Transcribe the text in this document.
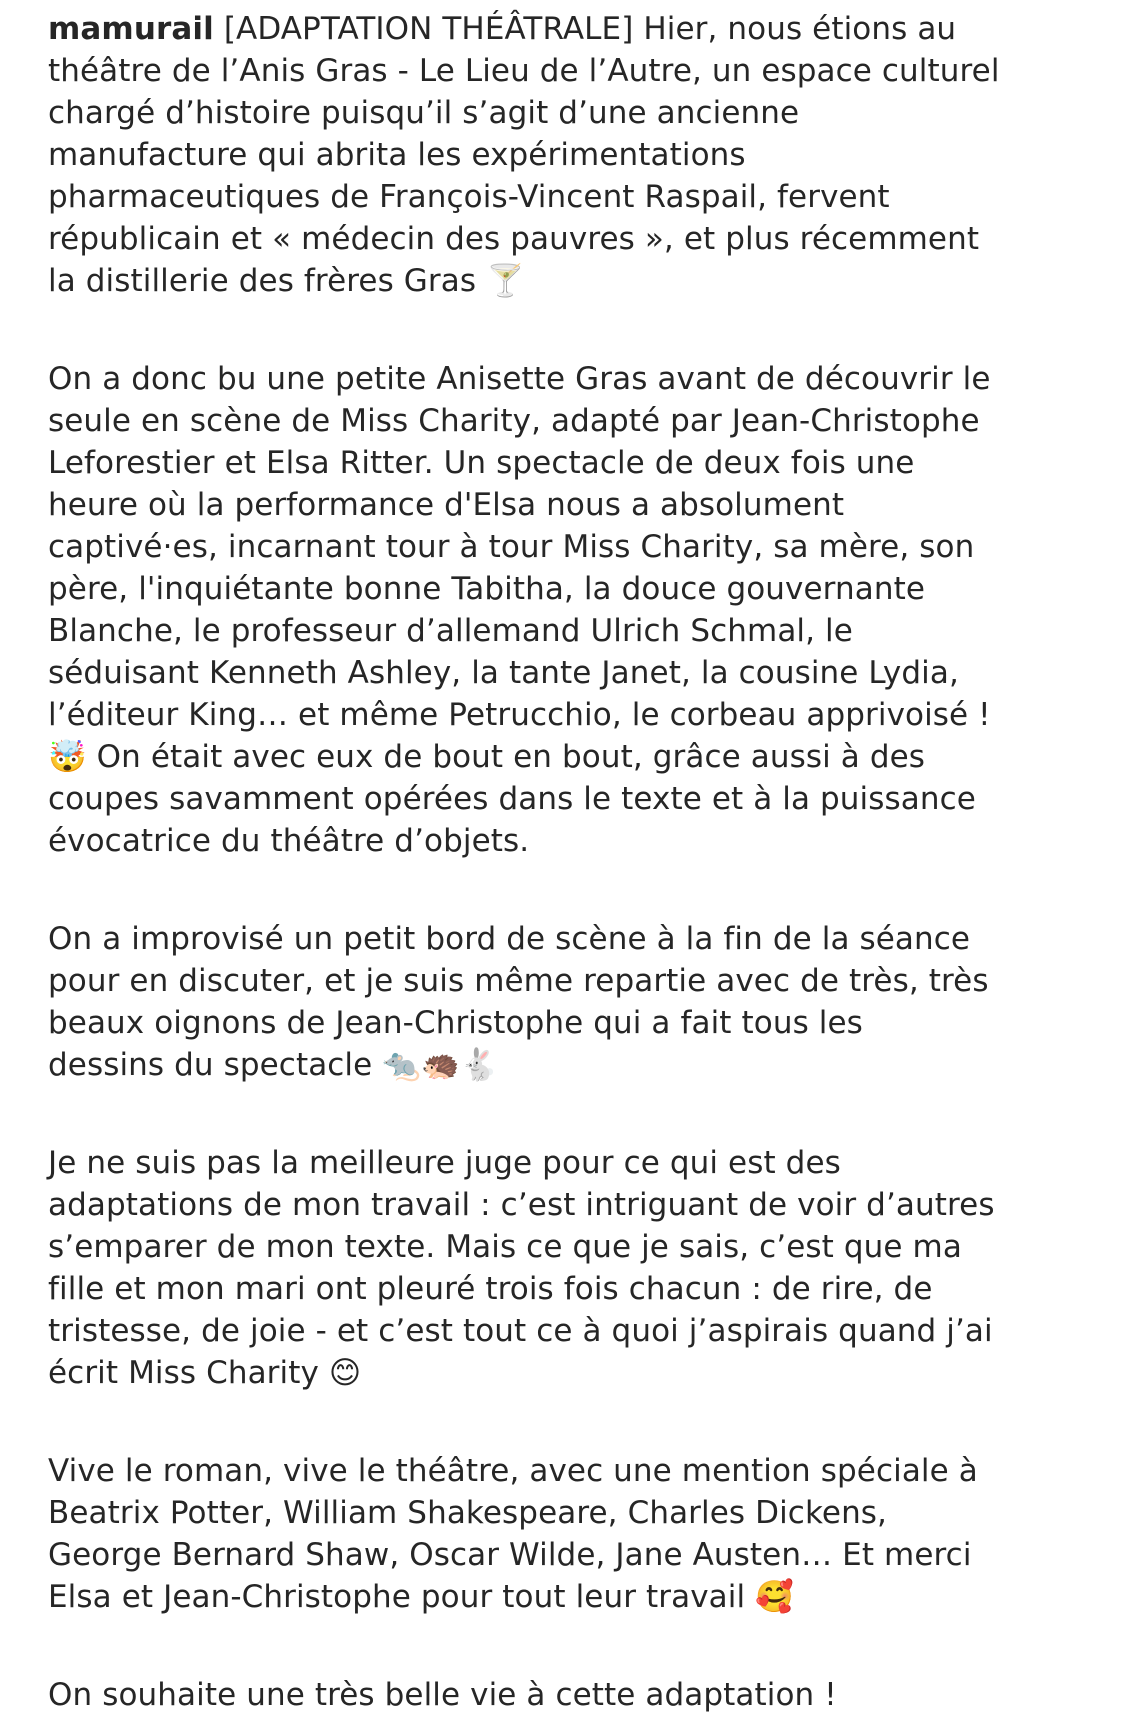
mamurail [ADAPTATION THÉÂTRALE] Hier, nous étions au
théâtre de l’Anis Gras - Le Lieu de l’Autre, un espace culturel
chargé d’histoire puisqu’il s’agit d’une ancienne
manufacture qui abrita les expérimentations
pharmaceutiques de François-Vincent Raspail, fervent
républicain et « médecin des pauvres », et plus récemment
la distillerie des frères Gras 🍸

On a donc bu une petite Anisette Gras avant de découvrir le
seule en scène de Miss Charity, adapté par Jean-Christophe
Leforestier et Elsa Ritter. Un spectacle de deux fois une
heure où la performance d'Elsa nous a absolument
captivé·es, incarnant tour à tour Miss Charity, sa mère, son
père, l'inquiétante bonne Tabitha, la douce gouvernante
Blanche, le professeur d’allemand Ulrich Schmal, le
séduisant Kenneth Ashley, la tante Janet, la cousine Lydia,
l’éditeur King… et même Petrucchio, le corbeau apprivoisé !
🤯 On était avec eux de bout en bout, grâce aussi à des
coupes savamment opérées dans le texte et à la puissance
évocatrice du théâtre d’objets.

On a improvisé un petit bord de scène à la fin de la séance
pour en discuter, et je suis même repartie avec de très, très
beaux oignons de Jean-Christophe qui a fait tous les
dessins du spectacle 🐀🦔🐇

Je ne suis pas la meilleure juge pour ce qui est des
adaptations de mon travail : c’est intriguant de voir d’autres
s’emparer de mon texte. Mais ce que je sais, c’est que ma
fille et mon mari ont pleuré trois fois chacun : de rire, de
tristesse, de joie - et c’est tout ce à quoi j’aspirais quand j’ai
écrit Miss Charity 😊

Vive le roman, vive le théâtre, avec une mention spéciale à
Beatrix Potter, William Shakespeare, Charles Dickens,
George Bernard Shaw, Oscar Wilde, Jane Austen… Et merci
Elsa et Jean-Christophe pour tout leur travail 🥰

On souhaite une très belle vie à cette adaptation !
